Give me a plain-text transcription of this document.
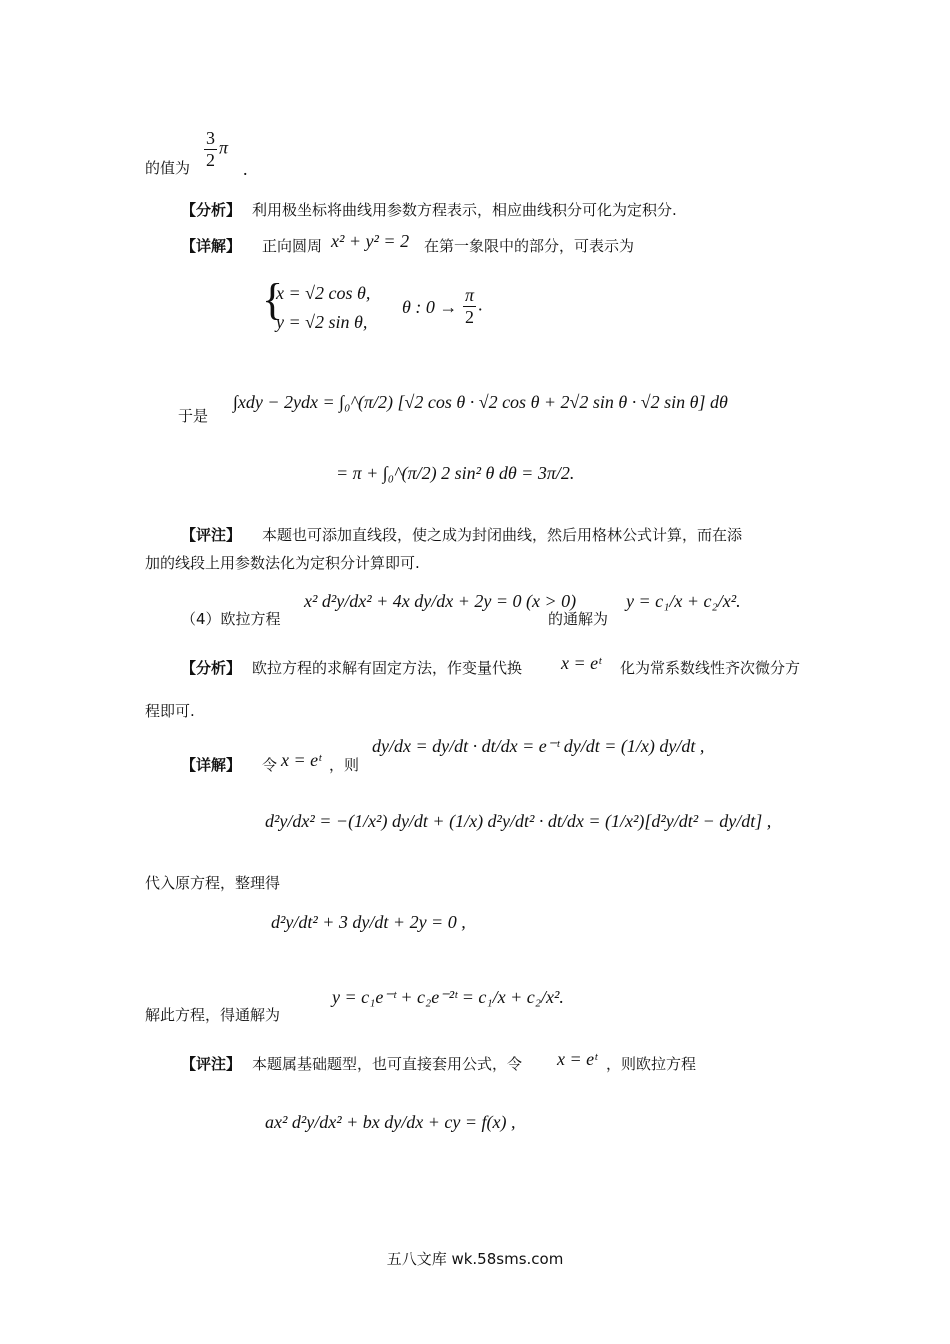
的值为 $\frac{3}{2}$ π
.
【分析】 利用极坐标将曲线用参数方程表示，相应曲线积分可化为定积分.
【详解】 正向圆周 x² + y² = 2 在第一象限中的部分，可表示为
{
x = √2 cos θ,
y = √2 sin θ,
θ : $0 \to \frac{\pi}{2}$ .
于是
∫xdy − 2ydx = ∫₀^(π/2) [√2 cos θ · √2 cos θ + 2√2 sin θ · √2 sin θ] dθ
= π + ∫₀^(π/2) 2 sin² θ dθ = 3π/2.
【评注】 本题也可添加直线段，使之成为封闭曲线，然后用格林公式计算，而在添
加的线段上用参数法化为定积分计算即可.
（4）欧拉方程
x² d²y/dx² + 4x dy/dx + 2y = 0 (x > 0)
的通解为
y = c₁/x + c₂/x².
【分析】 欧拉方程的求解有固定方法，作变量代换 x = eᵗ 化为常系数线性齐次微分方
程即可.
【详解】 令 x = eᵗ ，则
dy/dx = dy/dt · dt/dx = e⁻ᵗ dy/dt = (1/x) dy/dt ,
d²y/dx² = −(1/x²) dy/dt + (1/x) d²y/dt² · dt/dx = (1/x²)[d²y/dt² − dy/dt] ,
代入原方程，整理得
d²y/dt² + 3 dy/dt + 2y = 0 ,
解此方程，得通解为
y = c₁e⁻ᵗ + c₂e⁻²ᵗ = c₁/x + c₂/x².
【评注】 本题属基础题型，也可直接套用公式，令 x = eᵗ ，则欧拉方程
ax² d²y/dx² + bx dy/dx + cy = f(x) ,
五八文库 wk.58sms.com
